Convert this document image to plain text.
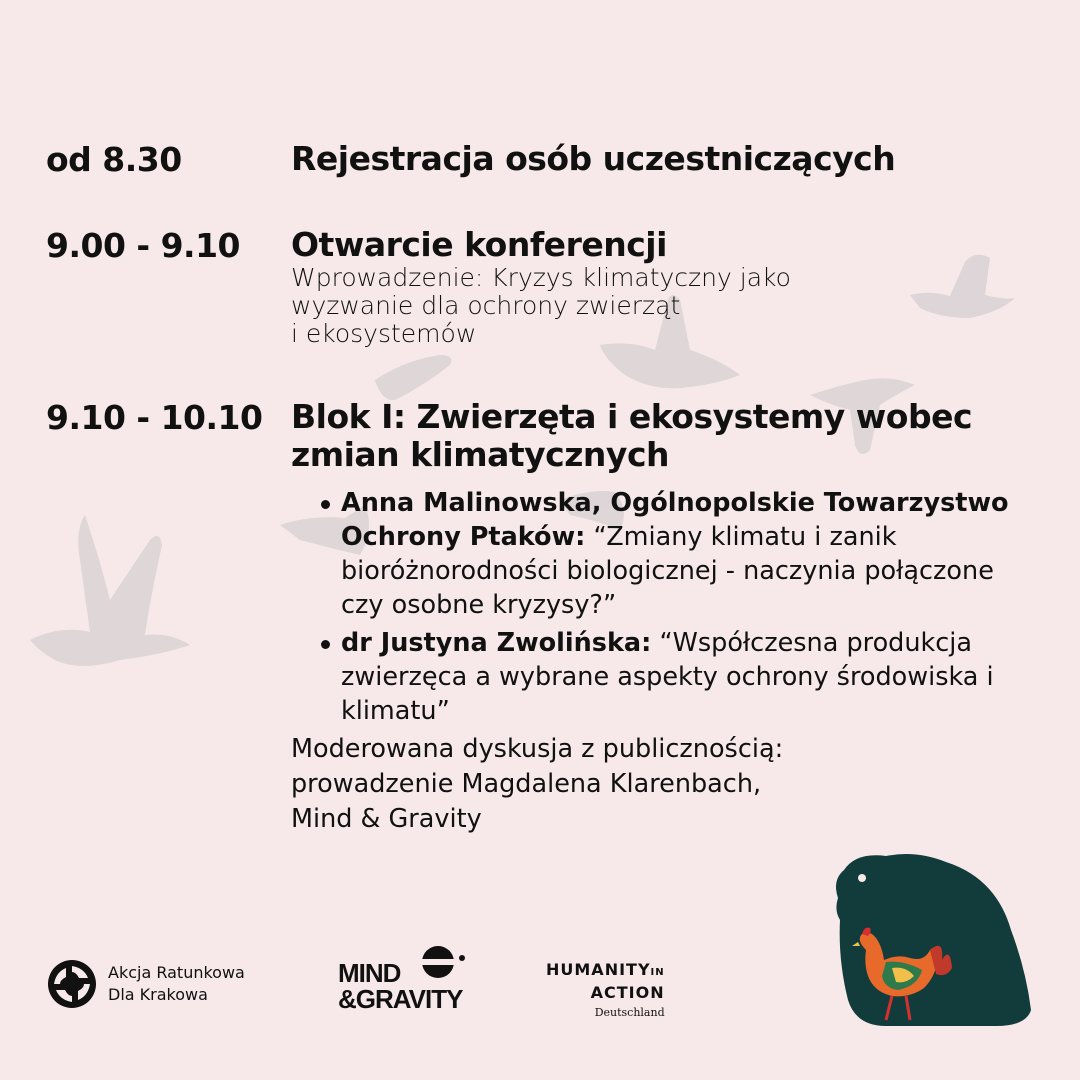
od 8.30	Rejestracja osób uczestniczących
9.00 - 9.10 Otwarcie konferencji
Wprowadzenie: Kryzys klimatyczny jako
wyzwanie dla ochrony zwierząt
i ekosystemów
9.10 - 10.10 Blok I: Zwierzęta i ekosystemy wobec
zmian klimatycznych
Anna Malinowska, Ogólnopolskie Towarzystwo Ochrony Ptaków: “Zmiany klimatu i zanik bioróżnorodności biologicznej - naczynia połączone czy osobne kryzysy?”
dr Justyna Zwolińska: “Współczesna produkcja zwierzęca a wybrane aspekty ochrony środowiska i klimatu”
Moderowana dyskusja z publicznością:
prowadzenie Magdalena Klarenbach,
Mind & Gravity
Akcja Ratunkowa
Dla Krakowa
MIND
&GRAVITY
HUMANITYIN
ACTION
Deutschland
